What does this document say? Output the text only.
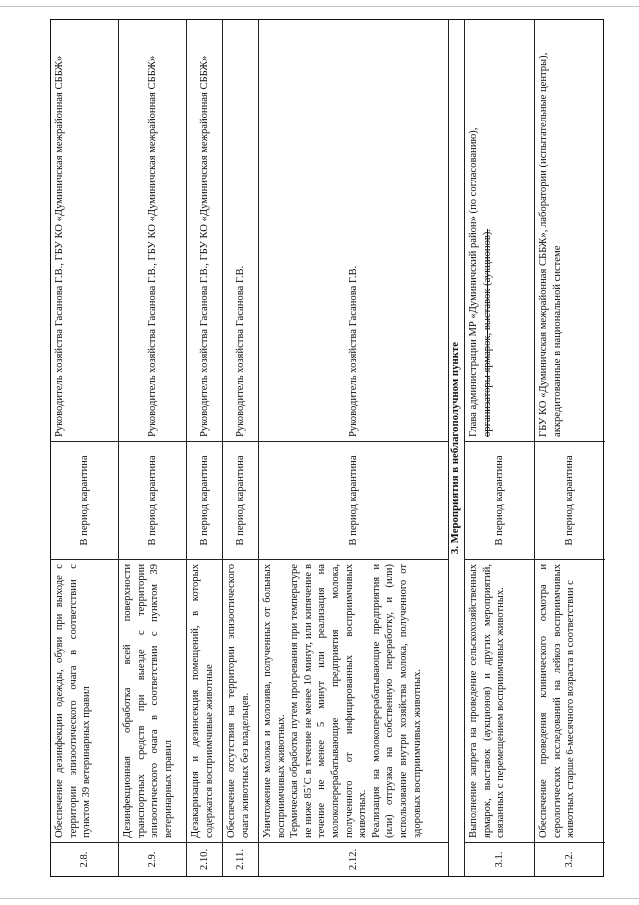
2.8.
Обеспечение дезинфекции одежды, обуви при выходе с территории эпизоотического очага в соответствии с пунктом 39 ветеринарных правил
В период карантина
Руководитель хозяйства Гасанова Г.В., ГБУ КО «Думиничская межрайонная СББЖ»
2.9.
Дезинфекционная обработка всей поверхности транспортных средств при выезде с территории эпизоотического очага в соответствии с пунктом 39 ветеринарных правил
В период карантина
Руководитель хозяйства Гасанова Г.В., ГБУ КО «Думиничская межрайонная СББЖ»
2.10.
Дезакаризация и дезинсекция помещений, в которых содержатся восприимчивые животные
В период карантина
Руководитель хозяйства Гасанова Г.В., ГБУ КО «Думиничская межрайонная СББЖ»
2.11.
Обеспечение отсутствия на территории эпизоотического очага животных без владельцев.
В период карантина
Руководитель хозяйства Гасанова Г.В.
2.12.

Уничтожение молока и молозива, полученных от больных восприимчивых животных. Термическая обработка путем прогревания при температуре не ниже 85˚С в течение не менее 10 минут, или кипячение в течение не менее 5 минут или реализация на молокоперерабатывающие предприятия молока, полученного от инфицированных восприимчивых животных. Реализация на молокоперерабатывающие предприятия и (или) отгрузка на собственную переработку, и (или) использование внутри хозяйства молока, полученного от здоровых восприимчивых животных.

В период карантина
Руководитель хозяйства Гасанова Г.В.	3. Мероприятия в неблагополучном пункте
3.1.
Выполнение запрета на проведение сельскохозяйственных ярмарок, выставок (аукционов) и других мероприятий, связанных с перемещением восприимчивых животных.
В период карантина
Глава администрации МР «Думиничский район» (по согласованию), организаторы ярмарок, выставок (аукционов).
3.2.
Обеспечение проведения клинического осмотра и серологических исследований на лейкоз восприимчивых животных старше 6-месячного возраста в соответствии с
В период карантина
ГБУ КО «Думиничская межрайонная СББЖ», лаборатории (испытательные центры), аккредитованные в национальной системе
